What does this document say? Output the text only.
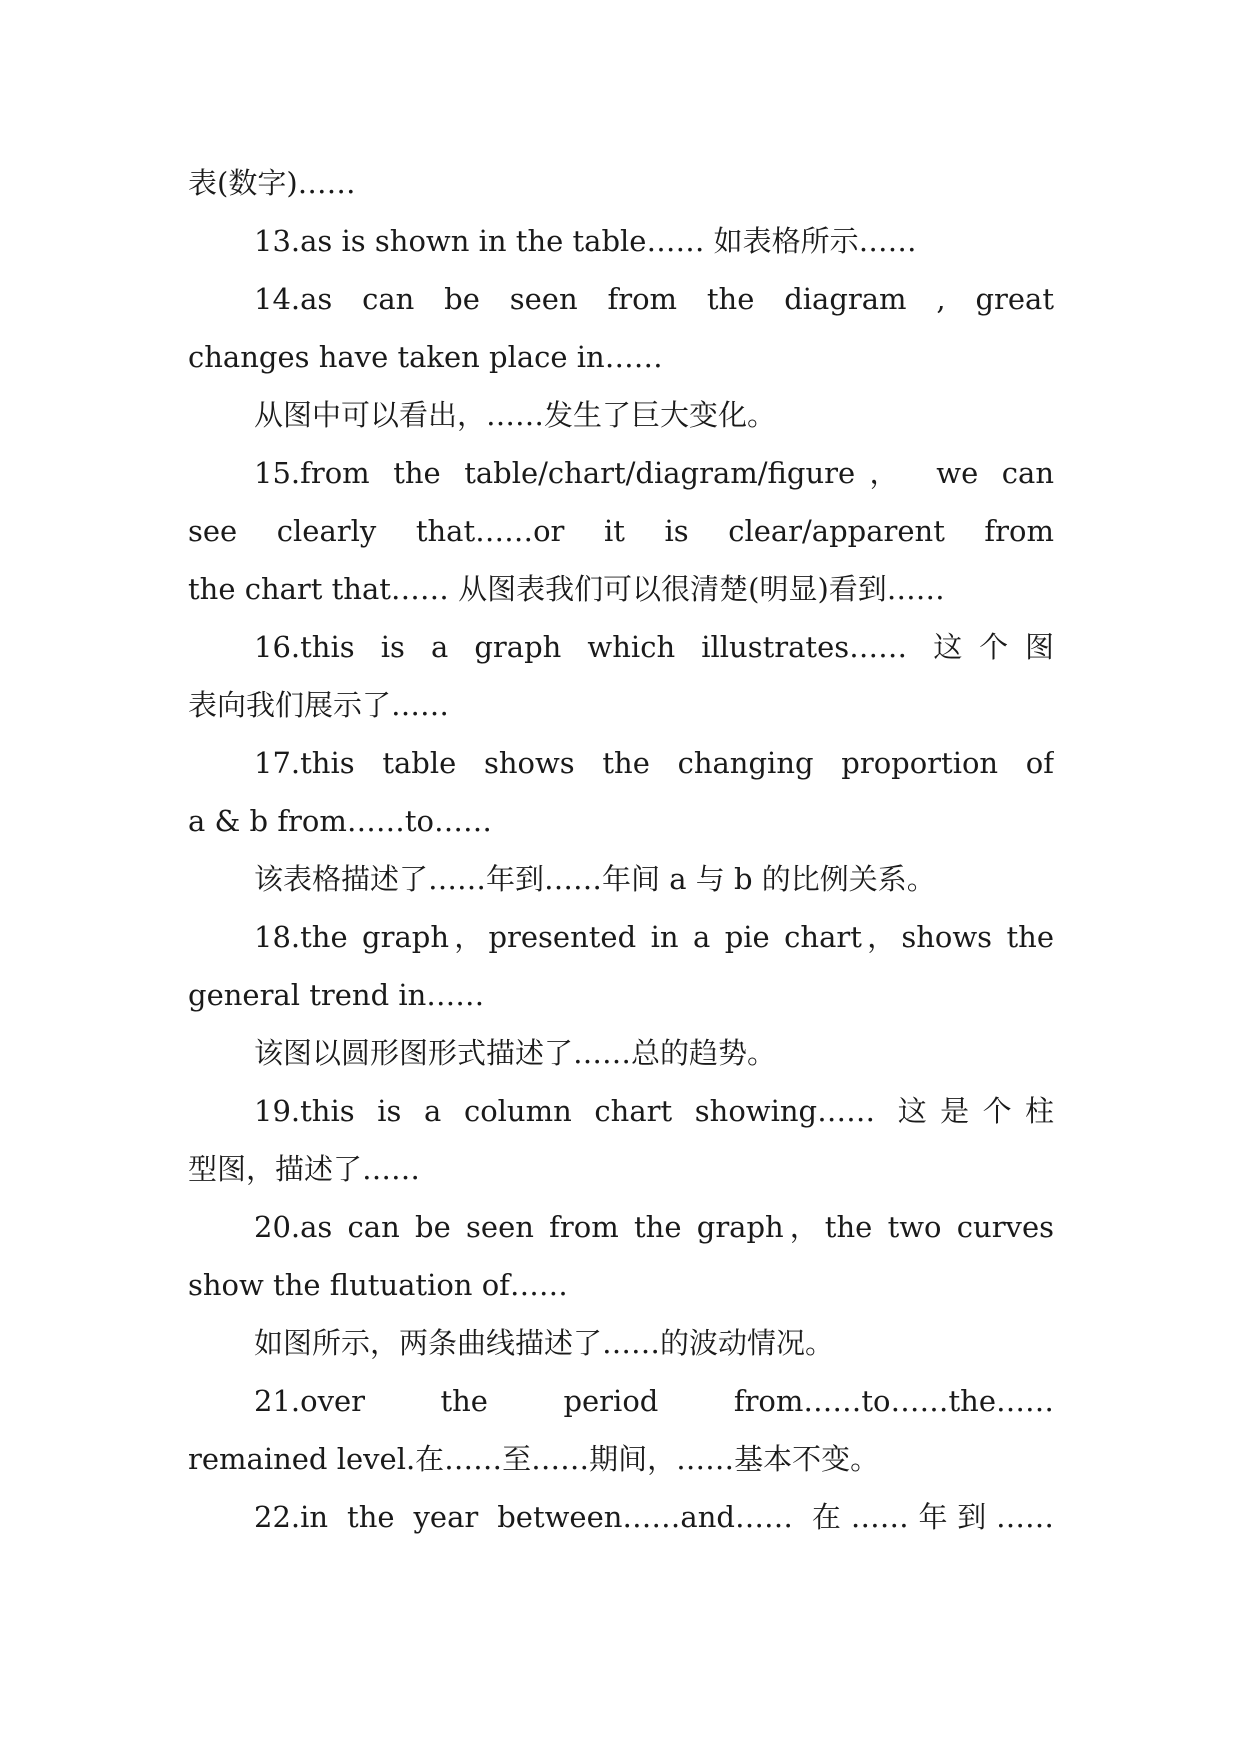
表(数字)……
13.as is shown in the table…… 如表格所示……
14.as can be seen from the diagram , great
changes have taken place in……
从图中可以看出，……发生了巨大变化。
15.from the table/chart/diagram/figure， we can
see clearly that……or it is clear/apparent from
the chart that…… 从图表我们可以很清楚(明显)看到……
16.this is a graph which illustrates…… 这个图
表向我们展示了……
17.this table shows the changing proportion of
a & b from……to……
该表格描述了……年到……年间 a 与 b 的比例关系。
18.the graph，presented in a pie chart，shows the
general trend in……
该图以圆形图形式描述了……总的趋势。
19.this is a column chart showing…… 这是个柱
型图，描述了……
20.as can be seen from the graph，the two curves
show the flutuation of……
如图所示，两条曲线描述了……的波动情况。
21.over the period from……to……the……
remained level.在……至……期间，……基本不变。
22.in the year between……and…… 在……年到……
